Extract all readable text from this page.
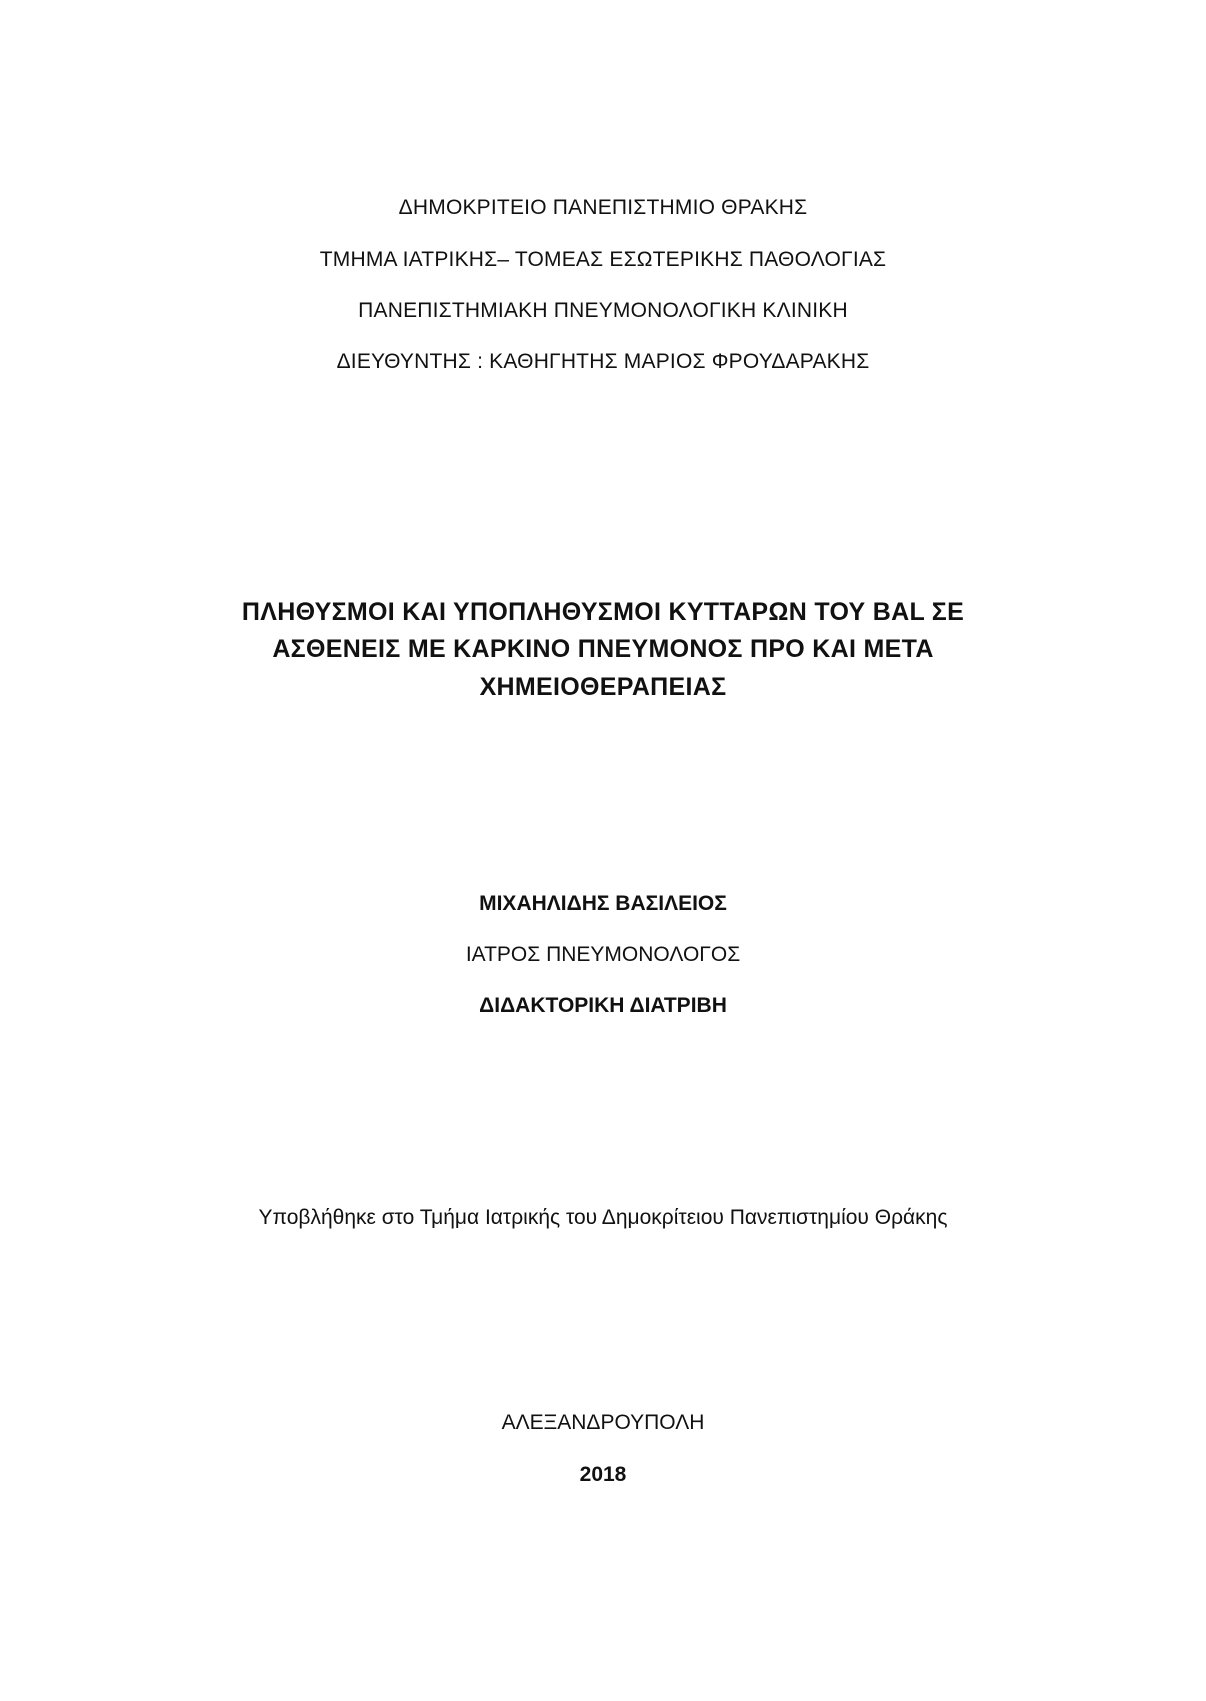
ΔΗΜΟΚΡΙΤΕΙΟ ΠΑΝΕΠΙΣΤΗΜΙΟ ΘΡΑΚΗΣ
ΤΜΗΜΑ ΙΑΤΡΙΚΗΣ– ΤΟΜΕΑΣ ΕΣΩΤΕΡΙΚΗΣ ΠΑΘΟΛΟΓΙΑΣ
ΠΑΝΕΠΙΣΤΗΜΙΑΚΗ ΠΝΕΥΜΟΝΟΛΟΓΙΚΗ ΚΛΙΝΙΚΗ
ΔΙΕΥΘΥΝΤΗΣ : ΚΑΘΗΓΗΤΗΣ ΜΑΡΙΟΣ ΦΡΟΥΔΑΡΑΚΗΣ
ΠΛΗΘΥΣΜΟΙ ΚΑΙ ΥΠΟΠΛΗΘΥΣΜΟΙ ΚΥΤΤΑΡΩΝ ΤΟΥ BAL ΣΕ
ΑΣΘΕΝΕΙΣ ΜΕ ΚΑΡΚΙΝΟ ΠΝΕΥΜΟΝΟΣ ΠΡΟ ΚΑΙ ΜΕΤΑ
ΧΗΜΕΙΟΘΕΡΑΠΕΙΑΣ
ΜΙΧΑΗΛΙΔΗΣ ΒΑΣΙΛΕΙΟΣ
ΙΑΤΡΟΣ ΠΝΕΥΜΟΝΟΛΟΓΟΣ
ΔΙΔΑΚΤΟΡΙΚΗ ΔΙΑΤΡΙΒΗ
Υποβλήθηκε στο Τμήμα Ιατρικής του Δημοκρίτειου Πανεπιστημίου Θράκης
ΑΛΕΞΑΝΔΡΟΥΠΟΛΗ
2018
